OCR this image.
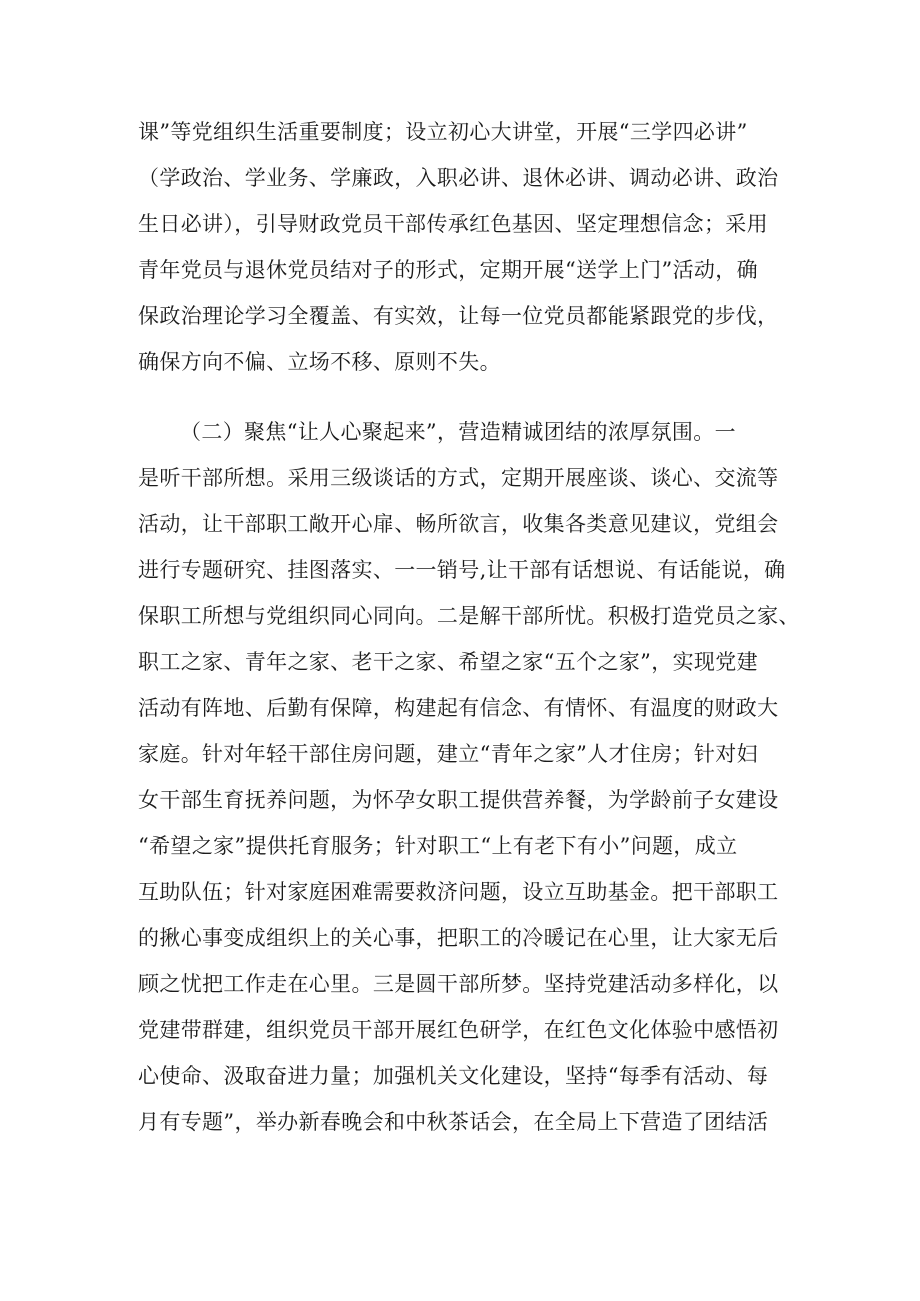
课”等党组织生活重要制度；设立初心大讲堂，开展“三学四必讲”
（学政治、学业务、学廉政，入职必讲、退休必讲、调动必讲、政治
生日必讲），引导财政党员干部传承红色基因、坚定理想信念；采用
青年党员与退休党员结对子的形式，定期开展“送学上门”活动，确
保政治理论学习全覆盖、有实效，让每一位党员都能紧跟党的步伐，
确保方向不偏、立场不移、原则不失。
（二）聚焦“让人心聚起来”，营造精诚团结的浓厚氛围。一
是听干部所想。采用三级谈话的方式，定期开展座谈、谈心、交流等
活动，让干部职工敞开心扉、畅所欲言，收集各类意见建议，党组会
进行专题研究、挂图落实、一一销号,让干部有话想说、有话能说，确
保职工所想与党组织同心同向。二是解干部所忧。积极打造党员之家、
职工之家、青年之家、老干之家、希望之家“五个之家”，实现党建
活动有阵地、后勤有保障，构建起有信念、有情怀、有温度的财政大
家庭。针对年轻干部住房问题，建立“青年之家”人才住房；针对妇
女干部生育抚养问题，为怀孕女职工提供营养餐，为学龄前子女建设
“希望之家”提供托育服务；针对职工“上有老下有小”问题，成立
互助队伍；针对家庭困难需要救济问题，设立互助基金。把干部职工
的揪心事变成组织上的关心事，把职工的冷暖记在心里，让大家无后
顾之忧把工作走在心里。三是圆干部所梦。坚持党建活动多样化，以
党建带群建，组织党员干部开展红色研学，在红色文化体验中感悟初
心使命、汲取奋进力量；加强机关文化建设，坚持“每季有活动、每
月有专题”，举办新春晚会和中秋茶话会，在全局上下营造了团结活
